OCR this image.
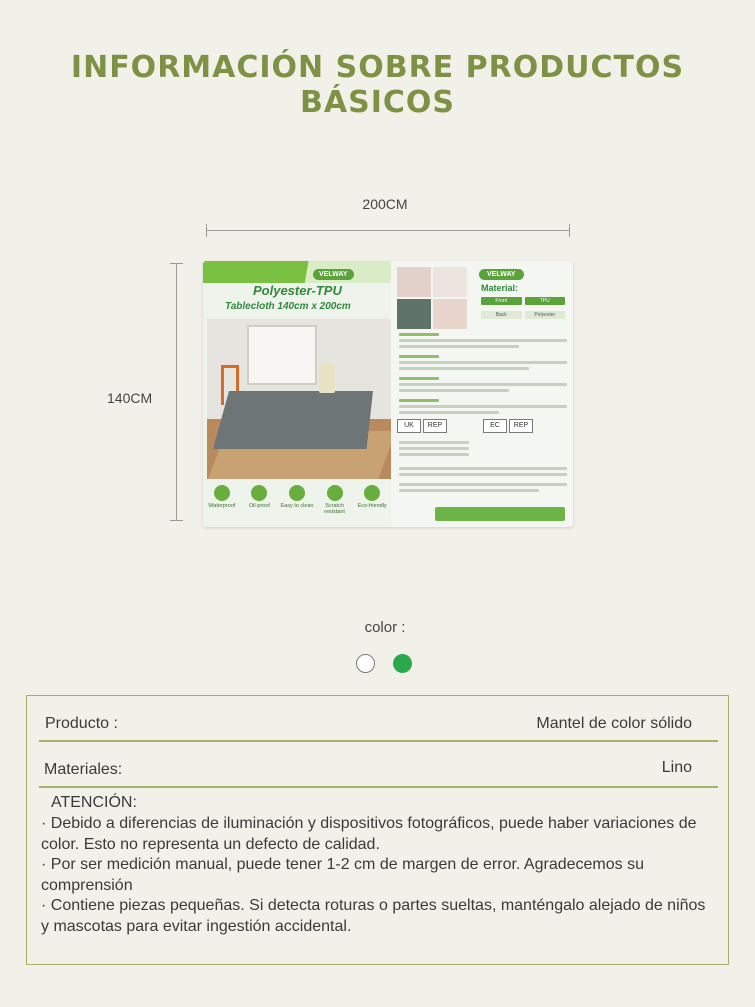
INFORMACIÓN SOBRE PRODUCTOS BÁSICOS
200CM
140CM
VELWAY
Polyester-TPU
Tablecloth 140cm x 200cm
Waterproof	Oil-proof	Easy to clean	Scratch resistant
Eco-friendly
VELWAY
Material:
Front	TPU
Back	Polyester
UK	REP	EC	REP
color :
Producto :	Mantel de color sólido
Materiales:	Lino
ATENCIÓN:
· Debido a diferencias de iluminación y dispositivos fotográficos, puede haber variaciones de color. Esto no representa un defecto de calidad.
· Por ser medición manual, puede tener 1-2 cm de margen de error. Agradecemos su comprensión
· Contiene piezas pequeñas. Si detecta roturas o partes sueltas, manténgalo alejado de niños y mascotas para evitar ingestión accidental.
